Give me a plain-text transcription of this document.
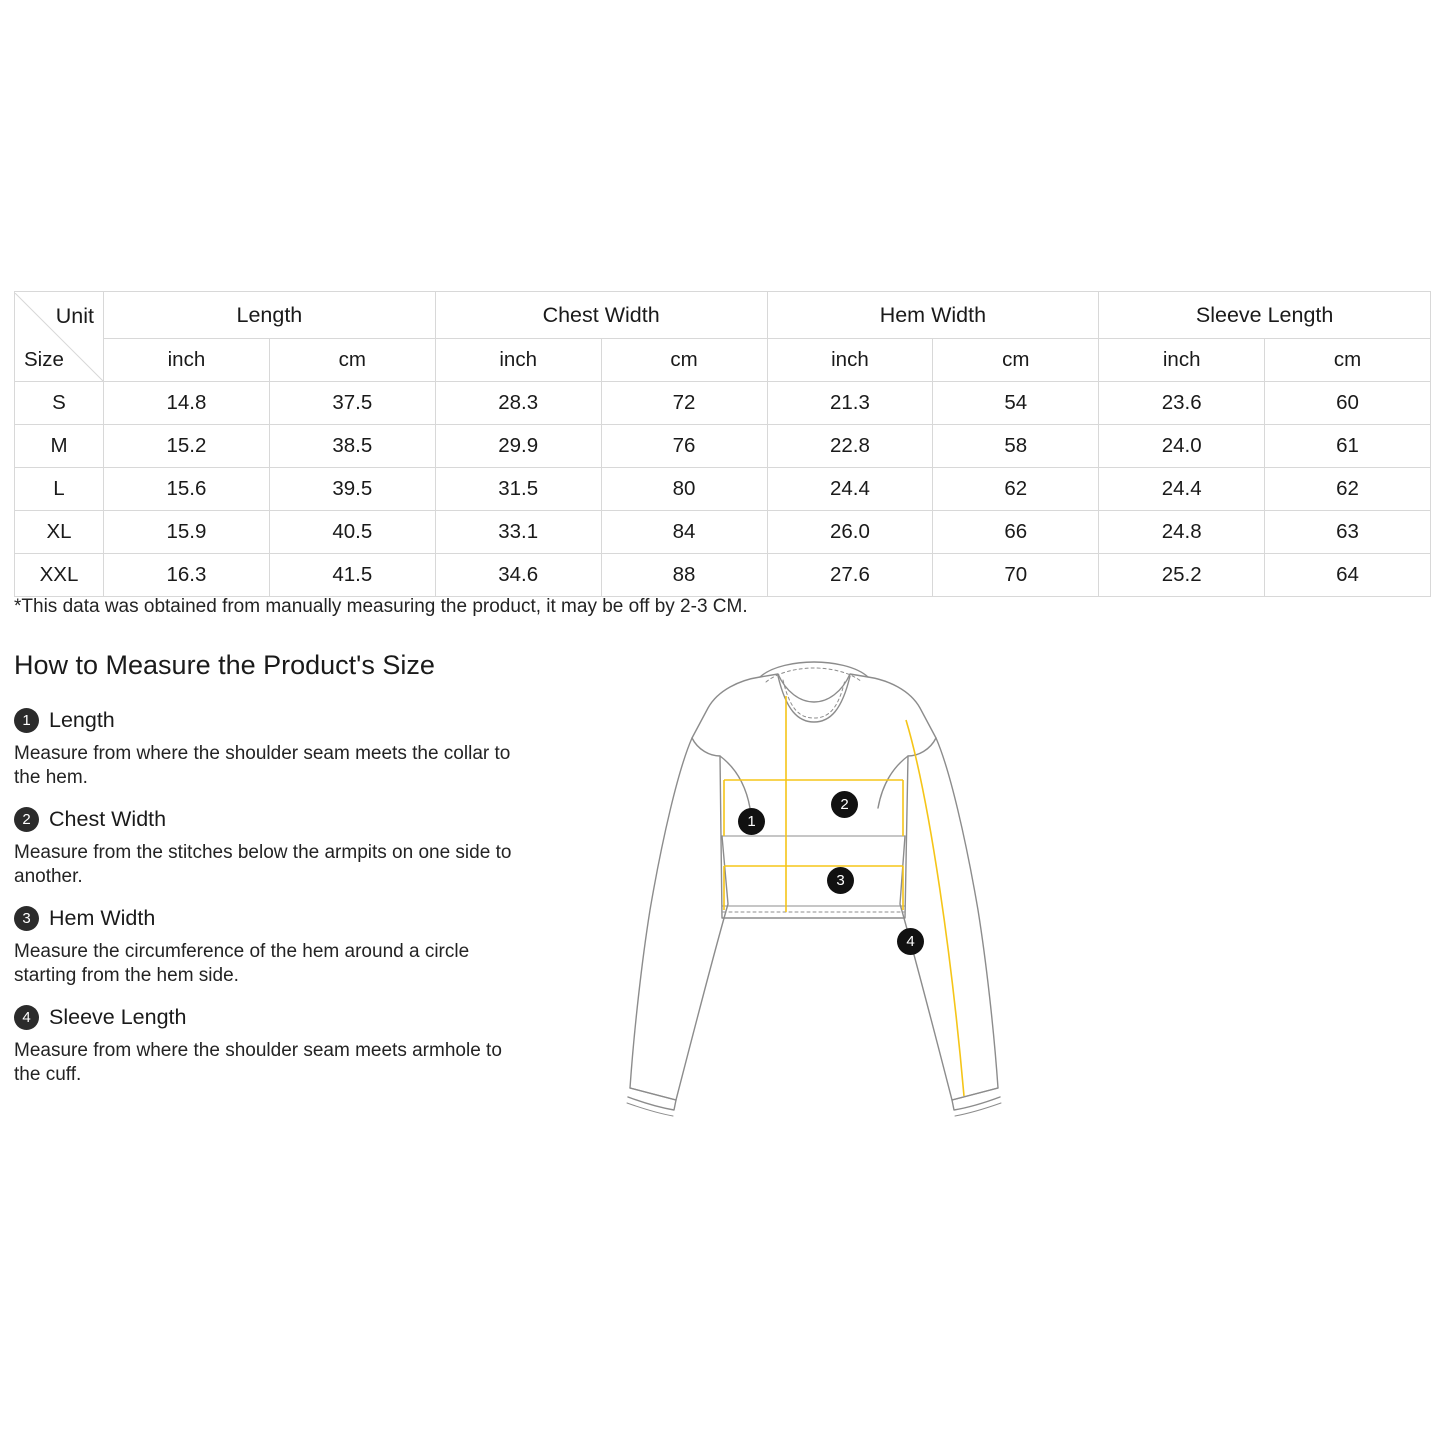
Unit
Size	Length		Chest Width		Hem Width		Sleeve Length	
	inch	cm	inch	cm	inch	cm	inch	cm
S	14.8	37.5	28.3	72	21.3	54	23.6	60
M	15.2	38.5	29.9	76	22.8	58	24.0	61
L	15.6	39.5	31.5	80	24.4	62	24.4	62
XL	15.9	40.5	33.1	84	26.0	66	24.8	63
XXL	16.3	41.5	34.6	88	27.6	70	25.2	64
*This data was obtained from manually measuring the product, it may be off by 2-3 CM.
How to Measure the Product's Size
1 Length
Measure from where the shoulder seam meets the collar to the hem.
2 Chest Width
Measure from the stitches below the armpits on one side to another.
3 Hem Width
Measure the circumference of the hem around a circle starting from the hem side.
4 Sleeve Length
Measure from where the shoulder seam meets armhole to the cuff.
1
2
3
4
